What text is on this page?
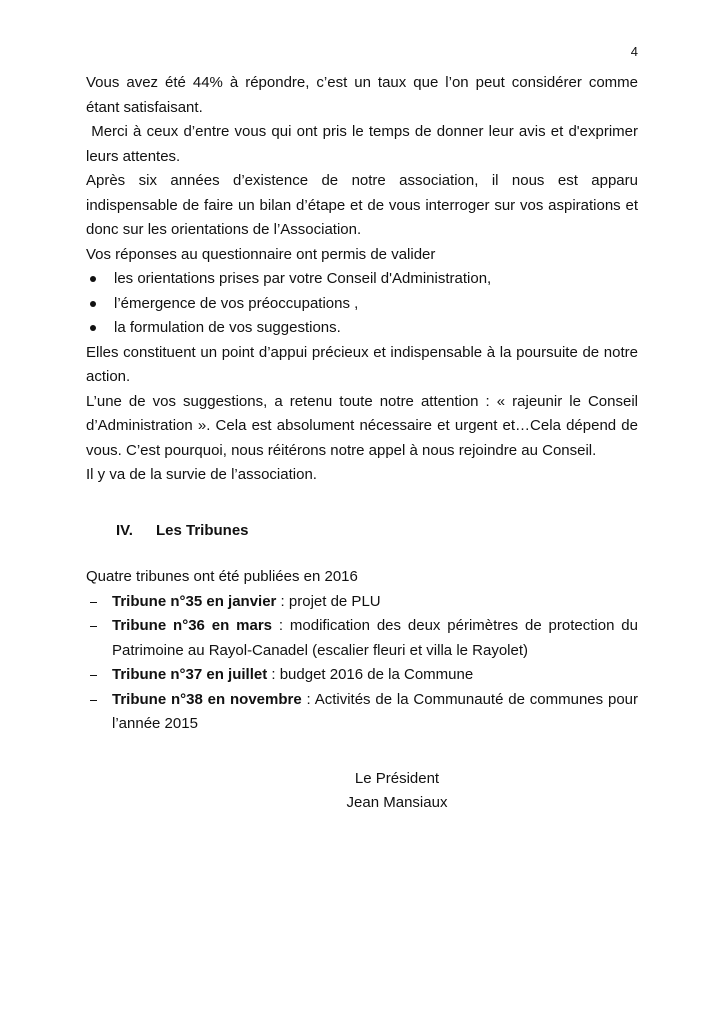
4

Vous avez été 44% à répondre, c’est un taux que l’on peut considérer comme étant satisfaisant.

Merci à ceux d’entre vous qui ont pris le temps de donner leur avis et d'exprimer leurs attentes.

Après six années d’existence de notre association, il nous est apparu indispensable de faire un bilan d’étape et de vous interroger sur vos aspirations et donc sur les orientations de l’Association.

Vos réponses au questionnaire ont permis de valider

les orientations prises par votre Conseil d'Administration,
l’émergence de vos préoccupations ,
la formulation de vos suggestions.

Elles constituent un point d’appui précieux et indispensable à la poursuite de notre action.

L’une de vos suggestions, a retenu toute notre attention : « rajeunir le Conseil d’Administration ». Cela est absolument nécessaire et urgent et…Cela dépend de vous. C’est pourquoi, nous réitérons notre appel à nous rejoindre au Conseil.

Il y va de la survie de l’association.

IV. Les Tribunes

Quatre tribunes ont été publiées en 2016

Tribune n°35 en janvier : projet de PLU
Tribune n°36 en mars : modification des deux périmètres de protection du Patrimoine au Rayol-Canadel (escalier fleuri et villa le Rayolet)
Tribune n°37 en juillet : budget 2016 de la Commune
Tribune n°38 en novembre : Activités de la Communauté de communes pour l’année 2015
Le Président
Jean Mansiaux
